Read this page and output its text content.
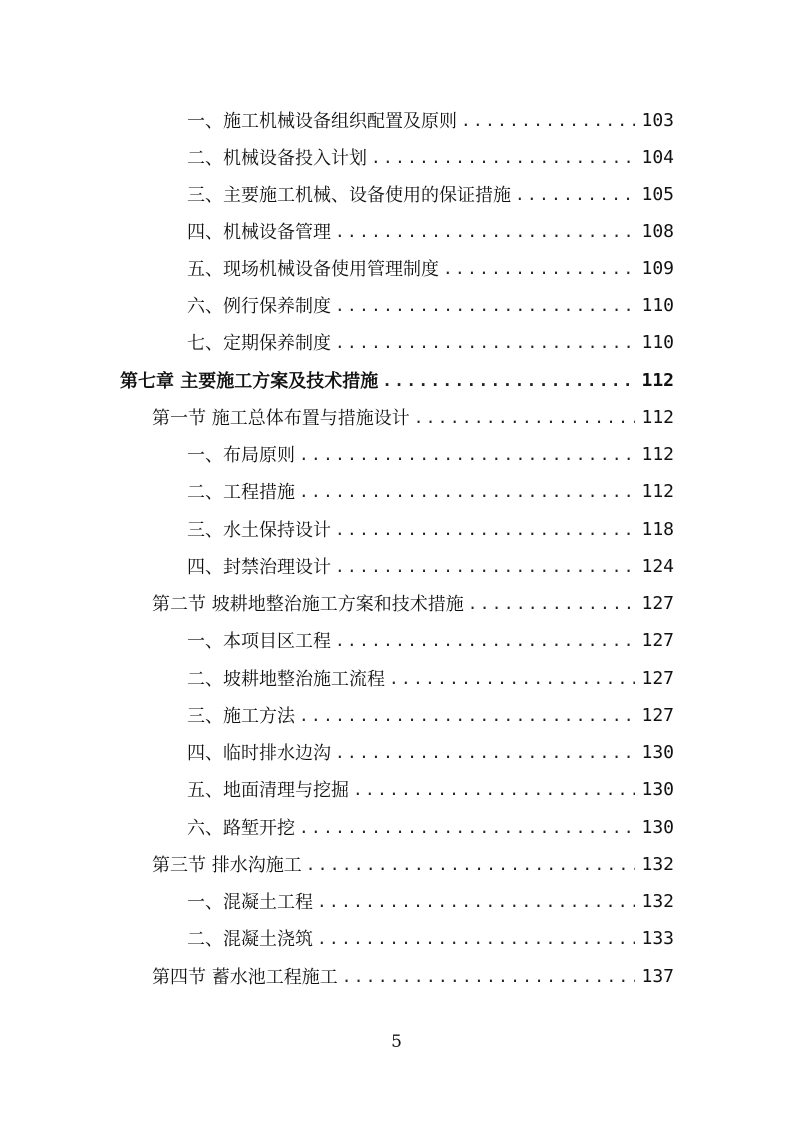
一、施工机械设备组织配置及原则 .....	103
二、机械设备投入计划 .....	104
三、主要施工机械、设备使用的保证措施 .....	105
四、机械设备管理 .....	108
五、现场机械设备使用管理制度 .....	109
六、例行保养制度 .....	110
七、定期保养制度 .....	110
第七章 主要施工方案及技术措施 .....	112
第一节 施工总体布置与措施设计 .....	112
一、布局原则 .....	112
二、工程措施 .....	112
三、水土保持设计 .....	118
四、封禁治理设计 .....	124
第二节 坡耕地整治施工方案和技术措施 .....	127
一、本项目区工程 .....	127
二、坡耕地整治施工流程 .....	127
三、施工方法 .....	127
四、临时排水边沟 .....	130
五、地面清理与挖掘 .....	130
六、路堑开挖 .....	130
第三节 排水沟施工 .....	132
一、混凝土工程 .....	132
二、混凝土浇筑 .....	133
第四节 蓄水池工程施工 .....	137
5
